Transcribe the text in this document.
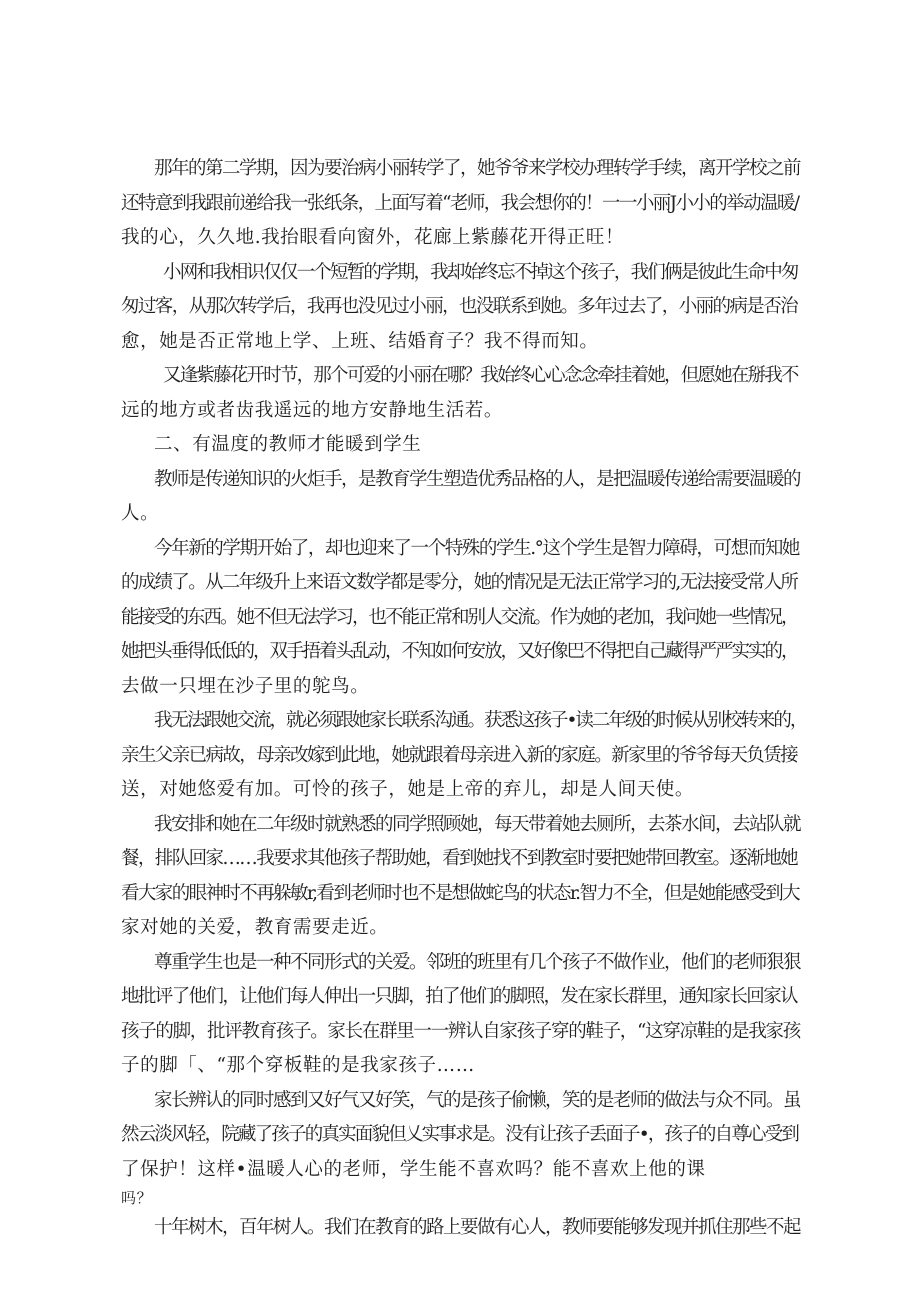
那年的第二学期，因为要治病小丽转学了，她爷爷来学校办理转学手续，离开学校之前
还特意到我跟前递给我一张纸条，上面写着“老师，我会想你的！一一小丽J小小的举动温暖/
我的心，久久地.我抬眼看向窗外，花廊上紫藤花开得正旺！
小网和我相识仅仅一个短暂的学期，我却始终忘不掉这个孩子，我们俩是彼此生命中匆
匆过客，从那次转学后，我再也没见过小丽，也没联系到她。多年过去了，小丽的病是否治
愈，她是否正常地上学、上班、结婚育子？我不得而知。
又逢紫藤花开时节，那个可爱的小丽在哪？我始终心心念念牵挂着她，但愿她在掰我不
远的地方或者齿我遥远的地方安静地生活若。
二、有温度的教师才能暖到学生
教师是传递知识的火炬手，是教育学生塑造优秀品格的人，是把温暖传递给需要温暖的
人。
今年新的学期开始了，却也迎来了一个特殊的学生.°这个学生是智力障碍，可想而知她
的成绩了。从二年级升上来语文数学都是零分，她的情况是无法正常学习的,无法接受常人所
能接受的东西。她不但无法学习，也不能正常和别人交流。作为她的老加，我问她一些情况，
她把头垂得低低的，双手捂着头乱动，不知如何安放，又好像巴不得把自己藏得严严实实的，
去做一只埋在沙子里的鸵鸟。
我无法跟她交流，就必须跟她家长联系沟通。获悉这孩子•读二年级的时候从别校转来的，
亲生父亲已病故，母亲改嫁到此地，她就跟着母亲进入新的家庭。新家里的爷爷每天负赁接
送，对她悠爱有加。可怜的孩子，她是上帝的弃儿，却是人间天使。
我安排和她在二年级时就熟悉的同学照顾她，每天带着她去厕所，去茶水间，去站队就
餐，排队回家……我要求其他孩子帮助她，看到她找不到教室时要把她带回教室。逐渐地她
看大家的眼神时不再躲敏r,看到老师时也不是想做蛇鸟的状态r.智力不全，但是她能感受到大
家对她的关爱，教育需要走近。
尊重学生也是一种不同形式的关爱。邻班的班里有几个孩子不做作业，他们的老师狠狠
地批评了他们，让他们每人伸出一只脚，拍了他们的脚照，发在家长群里，通知家长回家认
孩子的脚，批评教育孩子。家长在群里一一辨认自家孩子穿的鞋子，“这穿凉鞋的是我家孩
子的脚「、“那个穿板鞋的是我家孩子……
家长辨认的同时感到又好气又好笑，气的是孩子偷懒，笑的是老师的做法与众不同。虽
然云淡风轻，院藏了孩子的真实面貌但乂实事求是。没有让孩子丢面子•，孩子的自尊心受到
了保护！这样•温暖人心的老师，学生能不喜欢吗？能不喜欢上他的课
吗？
十年树木，百年树人。我们在教育的路上要做有心人，教师要能够发现并抓住那些不起
